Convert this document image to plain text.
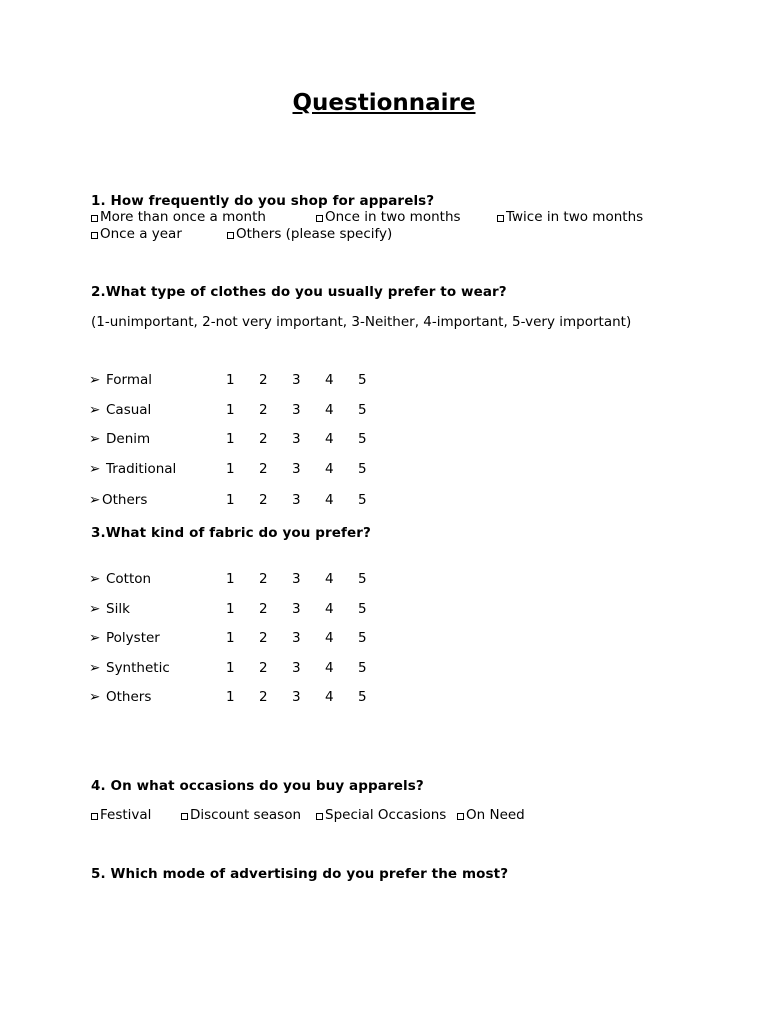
Questionnaire
1. How frequently do you shop for apparels?
More than once a month	Once in two months	Twice in two months
Once a year	Others (please specify)
2.What type of clothes do you usually prefer to wear?
(1-unimportant, 2-not very important, 3-Neither, 4-important, 5-very important)
➢ Formal	1 2 3 4 5
➢ Casual	1 2 3 4 5
➢ Denim	1 2 3 4 5
➢ Traditional	1 2 3 4 5
➢ Others	1 2 3 4 5
3.What kind of fabric do you prefer?
➢ Cotton	1 2 3 4 5
➢ Silk	1 2 3 4 5
➢ Polyster	1 2 3 4 5
➢ Synthetic	1 2 3 4 5
➢ Others	1 2 3 4 5
4. On what occasions do you buy apparels?
Festival	Discount season Special Occasions On Need
5. Which mode of advertising do you prefer the most?
